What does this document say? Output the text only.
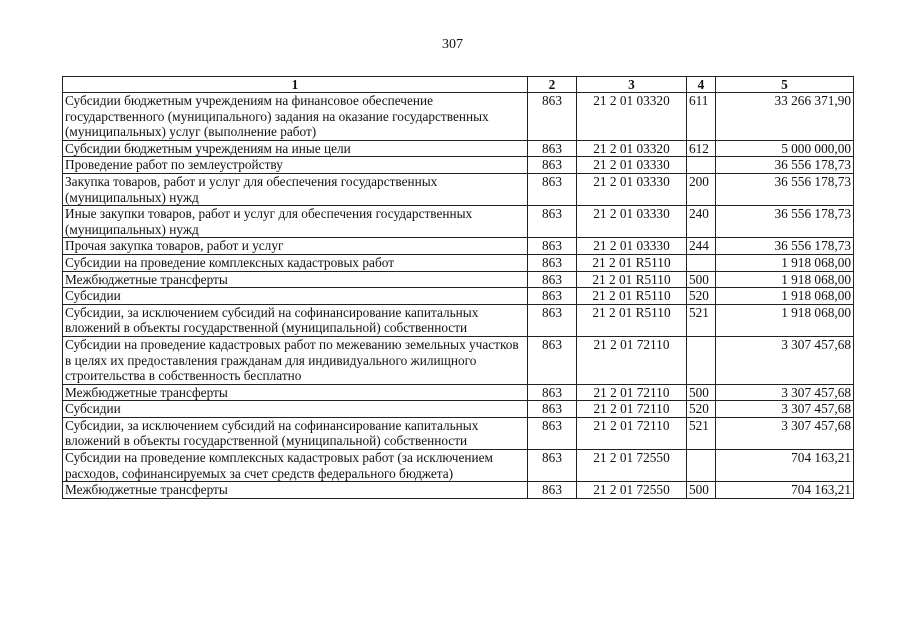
307
1	2	3	4	5
Субсидии бюджетным учреждениям на финансовое обеспечение государственного (муниципального) задания на оказание государственных (муниципальных) услуг (выполнение работ)	863	21 2 01 03320	611	33 266 371,90
Субсидии бюджетным учреждениям на иные цели	863	21 2 01 03320	612	5 000 000,00
Проведение работ по землеустройству	863	21 2 01 03330		36 556 178,73
Закупка товаров, работ и услуг для обеспечения государственных (муниципальных) нужд	863	21 2 01 03330	200	36 556 178,73
Иные закупки товаров, работ и услуг для обеспечения государственных (муниципальных) нужд	863	21 2 01 03330	240	36 556 178,73
Прочая закупка товаров, работ и услуг	863	21 2 01 03330	244	36 556 178,73
Субсидии на проведение комплексных кадастровых работ	863	21 2 01 R5110		1 918 068,00
Межбюджетные трансферты	863	21 2 01 R5110	500	1 918 068,00
Субсидии	863	21 2 01 R5110	520	1 918 068,00
Субсидии, за исключением субсидий на софинансирование капитальных вложений в объекты государственной (муниципальной) собственности	863	21 2 01 R5110	521	1 918 068,00
Субсидии на проведение кадастровых работ по межеванию земельных участков в целях их предоставления гражданам для индивидуального жилищного строительства в собственность бесплатно	863	21 2 01 72110		3 307 457,68
Межбюджетные трансферты	863	21 2 01 72110	500	3 307 457,68
Субсидии	863	21 2 01 72110	520	3 307 457,68
Субсидии, за исключением субсидий на софинансирование капитальных вложений в объекты государственной (муниципальной) собственности	863	21 2 01 72110	521	3 307 457,68
Субсидии на проведение комплексных кадастровых работ (за исключением расходов, софинансируемых за счет средств федерального бюджета)	863	21 2 01 72550		704 163,21
Межбюджетные трансферты	863	21 2 01 72550	500	704 163,21
